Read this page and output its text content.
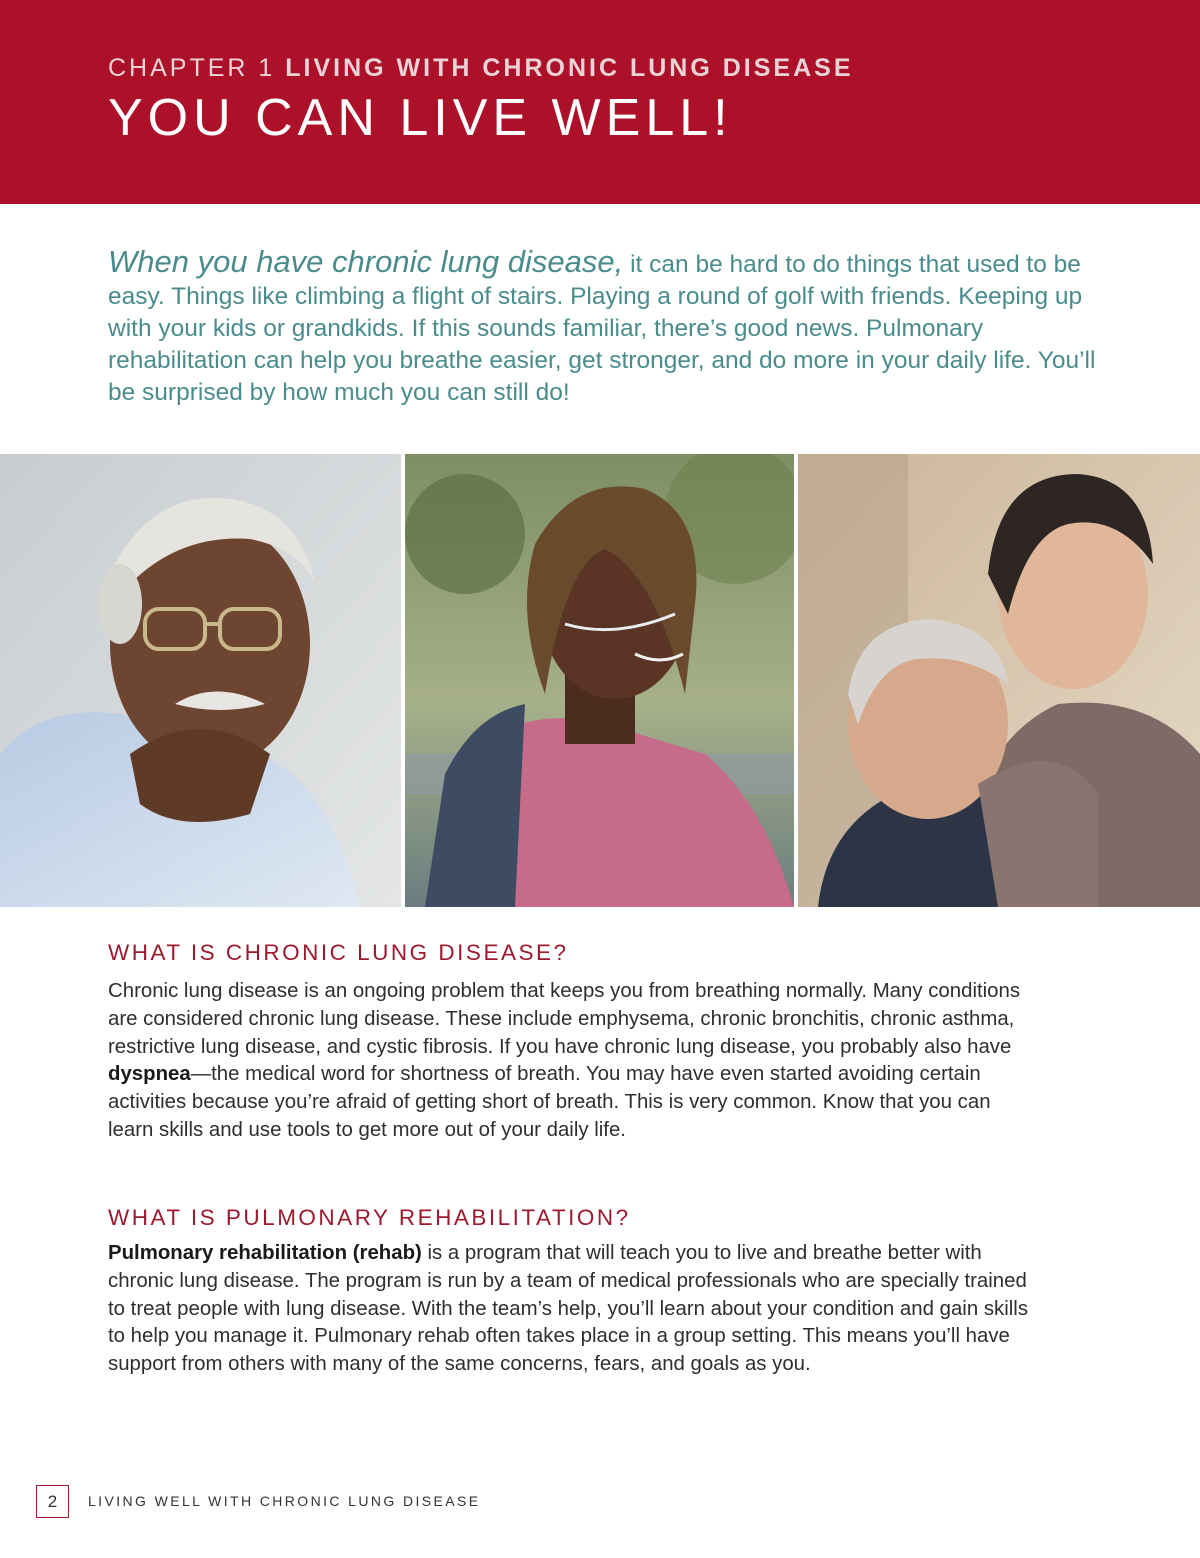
CHAPTER 1 LIVING WITH CHRONIC LUNG DISEASE
YOU CAN LIVE WELL!
When you have chronic lung disease, it can be hard to do things that used to be easy. Things like climbing a flight of stairs. Playing a round of golf with friends. Keeping up with your kids or grandkids. If this sounds familiar, there’s good news. Pulmonary rehabilitation can help you breathe easier, get stronger, and do more in your daily life. You’ll be surprised by how much you can still do!
WHAT IS CHRONIC LUNG DISEASE?
Chronic lung disease is an ongoing problem that keeps you from breathing normally. Many conditions are considered chronic lung disease. These include emphysema, chronic bronchitis, chronic asthma, restrictive lung disease, and cystic fibrosis. If you have chronic lung disease, you probably also have dyspnea—the medical word for shortness of breath. You may have even started avoiding certain activities because you’re afraid of getting short of breath. This is very common. Know that you can learn skills and use tools to get more out of your daily life.
WHAT IS PULMONARY REHABILITATION?
Pulmonary rehabilitation (rehab) is a program that will teach you to live and breathe better with chronic lung disease. The program is run by a team of medical professionals who are specially trained to treat people with lung disease. With the team’s help, you’ll learn about your condition and gain skills to help you manage it. Pulmonary rehab often takes place in a group setting. This means you’ll have support from others with many of the same concerns, fears, and goals as you.
2	LIVING WELL WITH CHRONIC LUNG DISEASE
